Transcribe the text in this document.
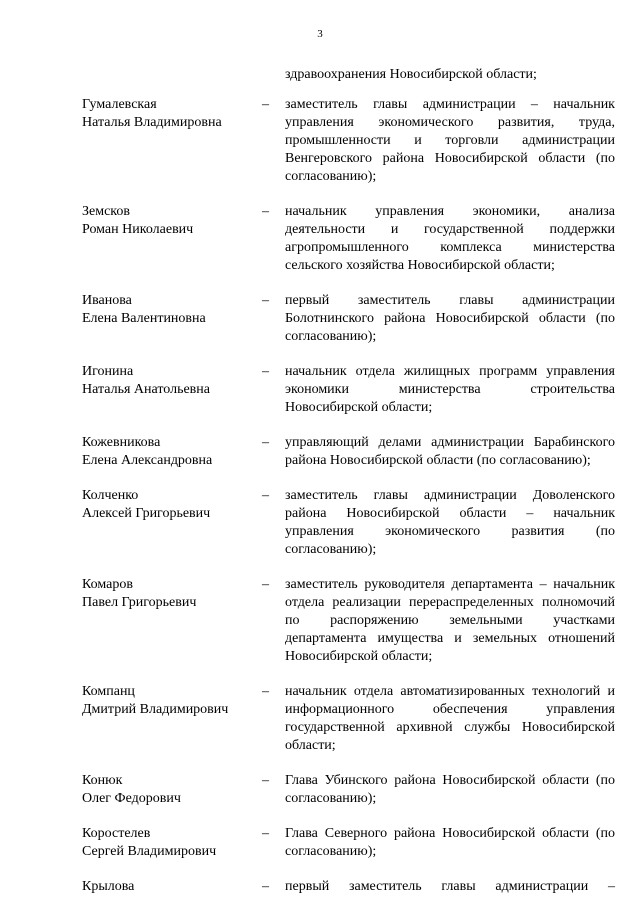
3
здравоохранения Новосибирской области;
Гумалевская
Наталья Владимировна
– заместитель главы администрации – начальник управления экономического развития, труда, промышленности и торговли администрации Венгеровского района Новосибирской области (по согласованию);
Земсков
Роман Николаевич
– начальник управления экономики, анализа деятельности и государственной поддержки агропромышленного комплекса министерства сельского хозяйства Новосибирской области;
Иванова
Елена Валентиновна
– первый заместитель главы администрации Болотнинского района Новосибирской области (по согласованию);
Игонина
Наталья Анатольевна
– начальник отдела жилищных программ управления экономики министерства строительства Новосибирской области;
Кожевникова
Елена Александровна
– управляющий делами администрации Барабинского района Новосибирской области (по согласованию);
Колченко
Алексей Григорьевич
– заместитель главы администрации Доволенского района Новосибирской области – начальник управления экономического развития (по согласованию);
Комаров
Павел Григорьевич
– заместитель руководителя департамента – начальник отдела реализации перераспределенных полномочий по распоряжению земельными участками департамента имущества и земельных отношений Новосибирской области;
Компанц
Дмитрий Владимирович
– начальник отдела автоматизированных технологий и информационного обеспечения управления государственной архивной службы Новосибирской области;
Конюк
Олег Федорович
– Глава Убинского района Новосибирской области (по согласованию);
Коростелев
Сергей Владимирович
– Глава Северного района Новосибирской области (по согласованию);
Крылова	– первый заместитель главы администрации –
